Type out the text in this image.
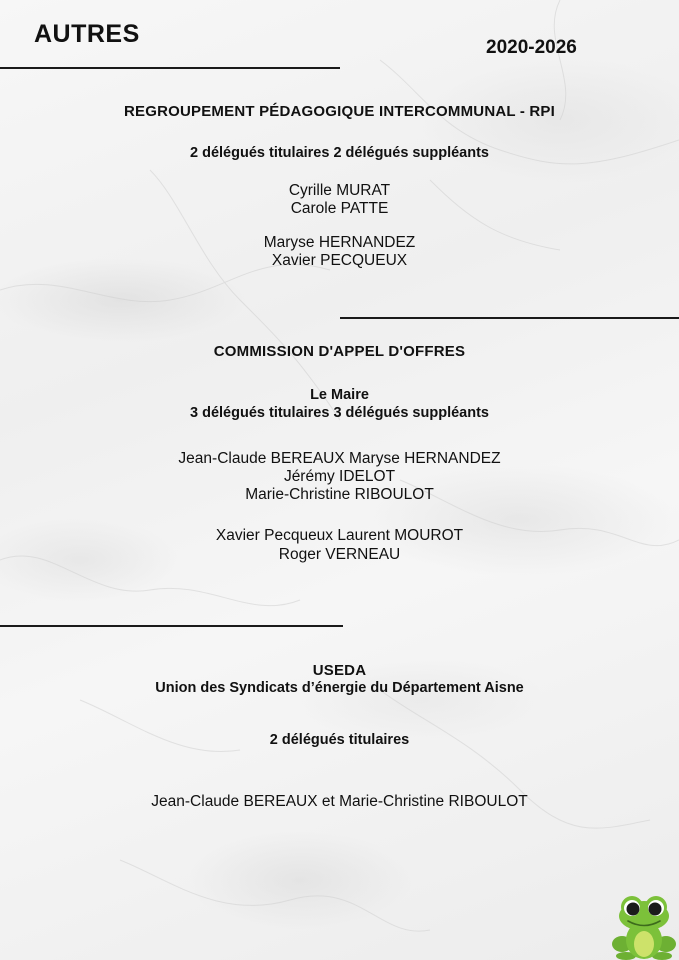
AUTRES	2020-2026
REGROUPEMENT PÉDAGOGIQUE INTERCOMMUNAL - RPI
2 délégués titulaires 2 délégués suppléants
Cyrille MURAT
Carole PATTE
Maryse HERNANDEZ
Xavier PECQUEUX
COMMISSION D'APPEL D'OFFRES
Le Maire
3 délégués titulaires 3 délégués suppléants
Jean-Claude BEREAUX Maryse HERNANDEZ
Jérémy IDELOT
Marie-Christine RIBOULOT
Xavier Pecqueux Laurent MOUROT
Roger VERNEAU
USEDA
Union des Syndicats d’énergie du Département Aisne
2 délégués titulaires
Jean-Claude BEREAUX et Marie-Christine RIBOULOT
